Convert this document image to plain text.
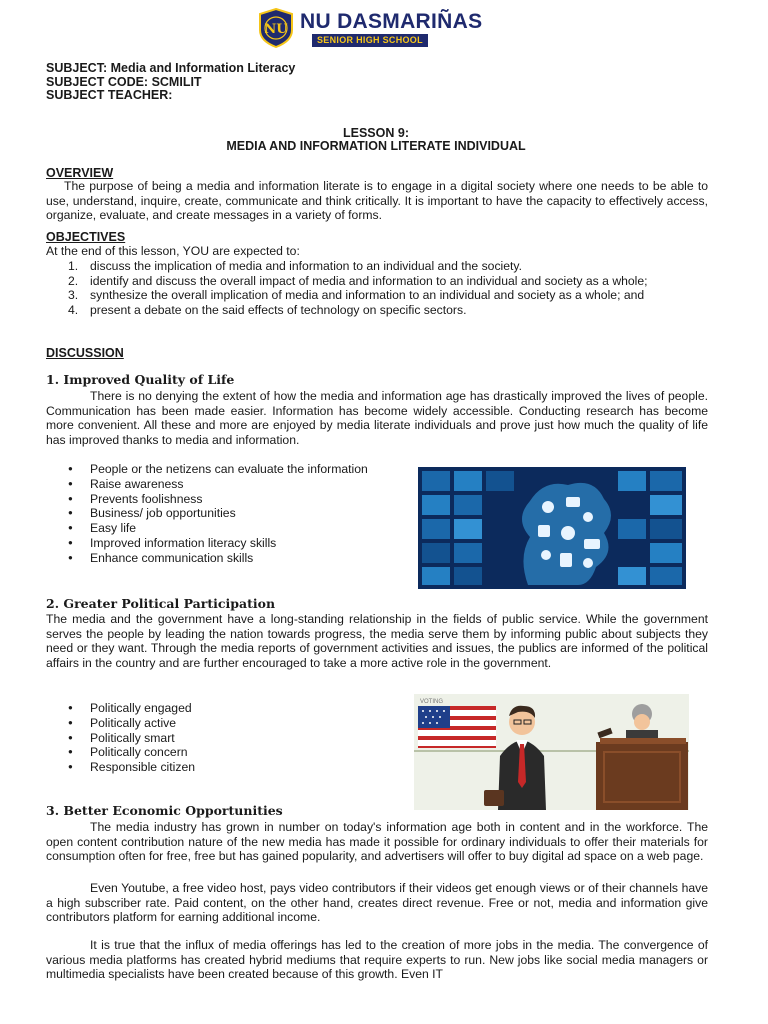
NU NU DASMARIÑAS
SENIOR HIGH SCHOOL
SUBJECT: Media and Information Literacy
SUBJECT CODE: SCMILIT
SUBJECT TEACHER:
LESSON 9:
MEDIA AND INFORMATION LITERATE INDIVIDUAL
OVERVIEW
The purpose of being a media and information literate is to engage in a digital society where one needs to be able to use, understand, inquire, create, communicate and think critically. It is important to have the capacity to effectively access, organize, evaluate, and create messages in a variety of forms.
OBJECTIVES
At the end of this lesson, YOU are expected to:
1. discuss the implication of media and information to an individual and the society.
2. identify and discuss the overall impact of media and information to an individual and society as a whole;
3. synthesize the overall implication of media and information to an individual and society as a whole; and
4. present a debate on the said effects of technology on specific sectors.
DISCUSSION
1. Improved Quality of Life
There is no denying the extent of how the media and information age has drastically improved the lives of people. Communication has been made easier. Information has become widely accessible. Conducting research has become more convenient. All these and more are enjoyed by media literate individuals and prove just how much the quality of life has improved thanks to media and information.
● People or the netizens can evaluate the information
● Raise awareness
● Prevents foolishness
● Business/ job opportunities
● Easy life
● Improved information literacy skills
● Enhance communication skills
2. Greater Political Participation
The media and the government have a long-standing relationship in the fields of public service. While the government serves the people by leading the nation towards progress, the media serve them by informing public about subjects they need or they want. Through the media reports of government activities and issues, the publics are informed of the political affairs in the country and are further encouraged to take a more active role in the government.
● Politically engaged
● Politically active
● Politically smart
● Politically concern
● Responsible citizen
VOTING
3. Better Economic Opportunities
The media industry has grown in number on today's information age both in content and in the workforce. The open content contribution nature of the new media has made it possible for ordinary individuals to offer their materials for consumption often for free, free but has gained popularity, and advertisers will offer to buy digital ad space on a web page.
Even Youtube, a free video host, pays video contributors if their videos get enough views or of their channels have a high subscriber rate. Paid content, on the other hand, creates direct revenue. Free or not, media and information give contributors platform for earning additional income.
It is true that the influx of media offerings has led to the creation of more jobs in the media. The convergence of various media platforms has created hybrid mediums that require experts to run. New jobs like social media managers or multimedia specialists have been created because of this growth. Even IT
